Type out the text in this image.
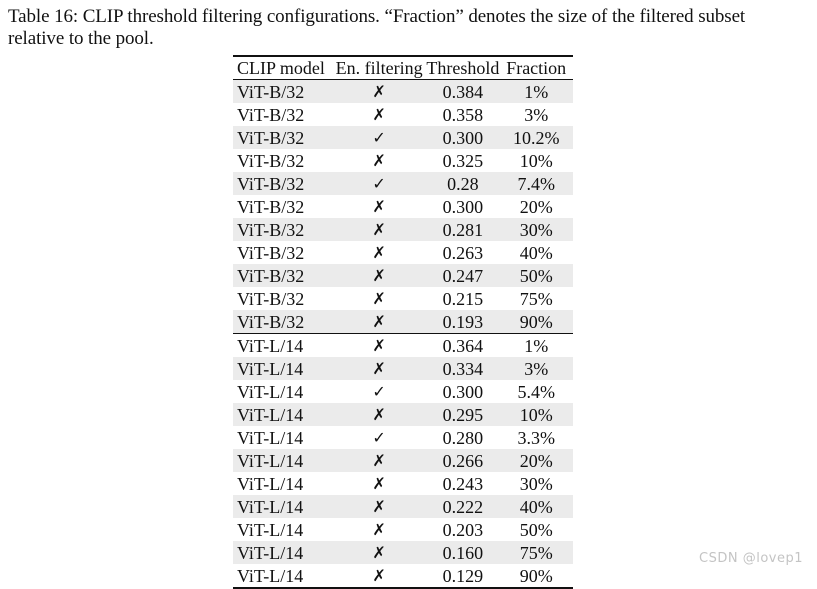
Table 16: CLIP threshold filtering configurations. “Fraction” denotes the size of the filtered subset
relative to the pool.
CLIP model	En. filtering	Threshold	Fraction
ViT-B/32	✗	0.384	1%
ViT-B/32	✗	0.358	3%
ViT-B/32	✓	0.300	10.2%
ViT-B/32	✗	0.325	10%
ViT-B/32	✓	0.28	7.4%
ViT-B/32	✗	0.300	20%
ViT-B/32	✗	0.281	30%
ViT-B/32	✗	0.263	40%
ViT-B/32	✗	0.247	50%
ViT-B/32	✗	0.215	75%
ViT-B/32	✗	0.193	90%
ViT-L/14	✗	0.364	1%
ViT-L/14	✗	0.334	3%
ViT-L/14	✓	0.300	5.4%
ViT-L/14	✗	0.295	10%
ViT-L/14	✓	0.280	3.3%
ViT-L/14	✗	0.266	20%
ViT-L/14	✗	0.243	30%
ViT-L/14	✗	0.222	40%
ViT-L/14	✗	0.203	50%
ViT-L/14	✗	0.160	75%
ViT-L/14	✗	0.129	90%
CSDN @lovep1
